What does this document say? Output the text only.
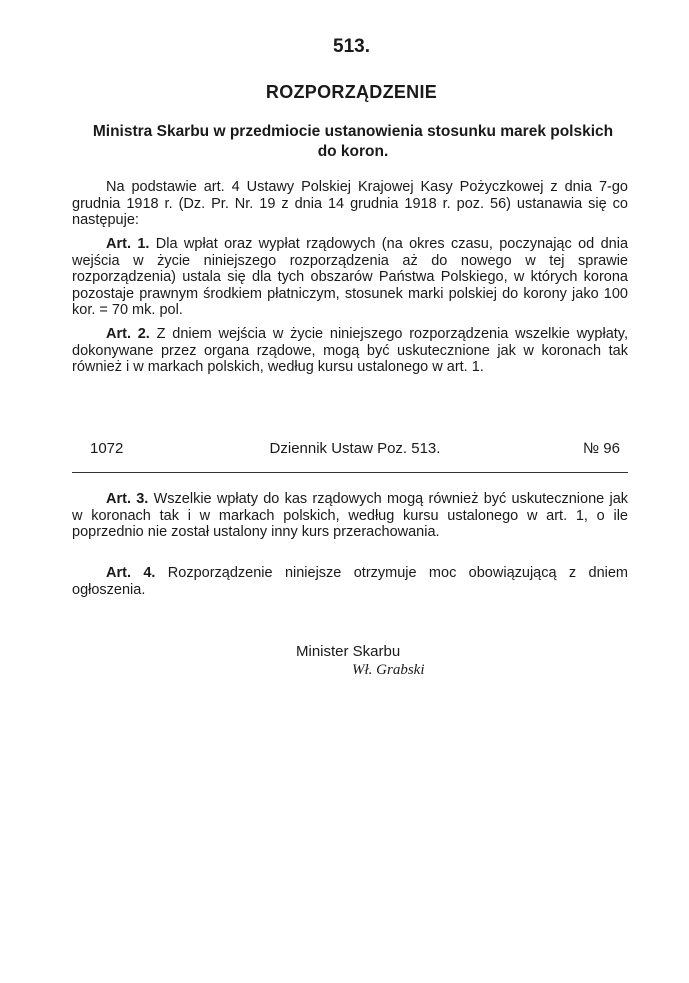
513.
ROZPORZĄDZENIE
Ministra Skarbu w przedmiocie ustanowienia stosunku marek polskich do koron.
Na podstawie art. 4 Ustawy Polskiej Krajowej Kasy Pożyczkowej z dnia 7-go grudnia 1918 r. (Dz. Pr. Nr. 19 z dnia 14 grudnia 1918 r. poz. 56) ustanawia się co następuje:
Art. 1. Dla wpłat oraz wypłat rządowych (na okres czasu, poczynając od dnia wejścia w życie niniejszego rozporządzenia aż do nowego w tej sprawie rozporządzenia) ustala się dla tych obszarów Państwa Polskiego, w których korona pozostaje prawnym środkiem płatniczym, stosunek marki polskiej do korony jako 100 kor. = 70 mk. pol.
Art. 2. Z dniem wejścia w życie niniejszego rozporządzenia wszelkie wypłaty, dokonywane przez organa rządowe, mogą być uskutecznione jak w koronach tak również i w markach polskich, według kursu ustalonego w art. 1.
1072	Dziennik Ustaw Poz. 513.	№ 96
Art. 3. Wszelkie wpłaty do kas rządowych mogą również być uskutecznione jak w koronach tak i w markach polskich, według kursu ustalonego w art. 1, o ile poprzednio nie został ustalony inny kurs przerachowania.
Art. 4. Rozporządzenie niniejsze otrzymuje moc obowiązującą z dniem ogłoszenia.
Minister Skarbu
Wł. Grabski
